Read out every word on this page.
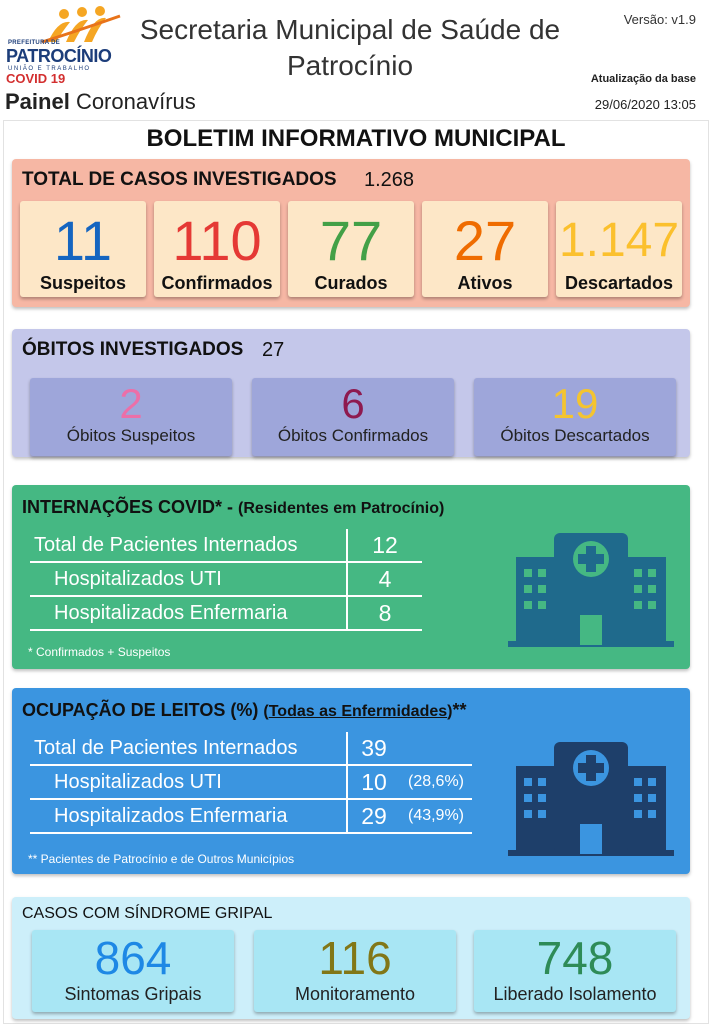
PREFEITURA DE
PATROCÍNIO
UNIÃO E TRABALHO
COVID 19
Painel Coronavírus
Secretaria Municipal de Saúde de Patrocínio
Versão: v1.9
Atualização da base
29/06/2020 13:05
BOLETIM INFORMATIVO MUNICIPAL
TOTAL DE CASOS INVESTIGADOS 1.268
11
Suspeitos
110
Confirmados
77
Curados
27
Ativos
1.147
Descartados
ÓBITOS INVESTIGADOS 27
2
Óbitos Suspeitos
6
Óbitos Confirmados
19
Óbitos Descartados
INTERNAÇÕES COVID* - (Residentes em Patrocínio)
Total de Pacientes Internados	12
Hospitalizados UTI	4
Hospitalizados Enfermaria	8
* Confirmados + Suspeitos
OCUPAÇÃO DE LEITOS (%) (Todas as Enfermidades)**
Total de Pacientes Internados	39	
Hospitalizados UTI	10	(28,6%)
Hospitalizados Enfermaria	29	(43,9%)
** Pacientes de Patrocínio e de Outros Municípios
CASOS COM SÍNDROME GRIPAL
864
Sintomas Gripais
116
Monitoramento
748
Liberado Isolamento
